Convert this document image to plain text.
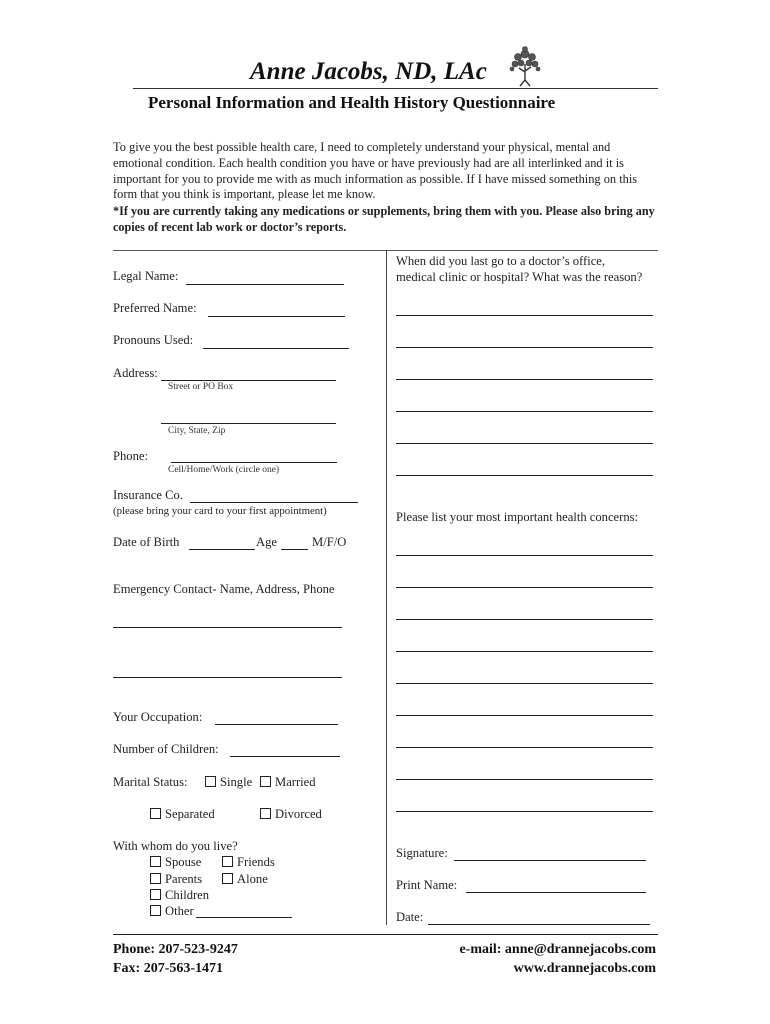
Anne Jacobs, ND, LAc
Personal Information and Health History Questionnaire
To give you the best possible health care, I need to completely understand your physical, mental and emotional condition. Each health condition you have or have previously had are all interlinked and it is important for you to provide me with as much information as possible. If I have missed something on this form that you think is important, please let me know.
*If you are currently taking any medications or supplements, bring them with you. Please also bring any copies of recent lab work or doctor’s reports.
Legal Name:
Preferred Name:
Pronouns Used:
Address:
Street or PO Box
City, State, Zip
Phone:
Cell/Home/Work (circle one)
Insurance Co.
(please bring your card to your first appointment)
Date of Birth	Age	M/F/O
Emergency Contact- Name, Address, Phone
Your Occupation:
Number of Children:
Marital Status:	Single	Married
Separated	Divorced
With whom do you live?
Spouse	Friends
Parents	Alone
Children
Other
When did you last go to a doctor’s office,
medical clinic or hospital? What was the reason?
Please list your most important health concerns:
Signature:
Print Name:
Date:
Phone: 207-523-9247
Fax: 207-563-1471
e-mail: anne@drannejacobs.com
www.drannejacobs.com
